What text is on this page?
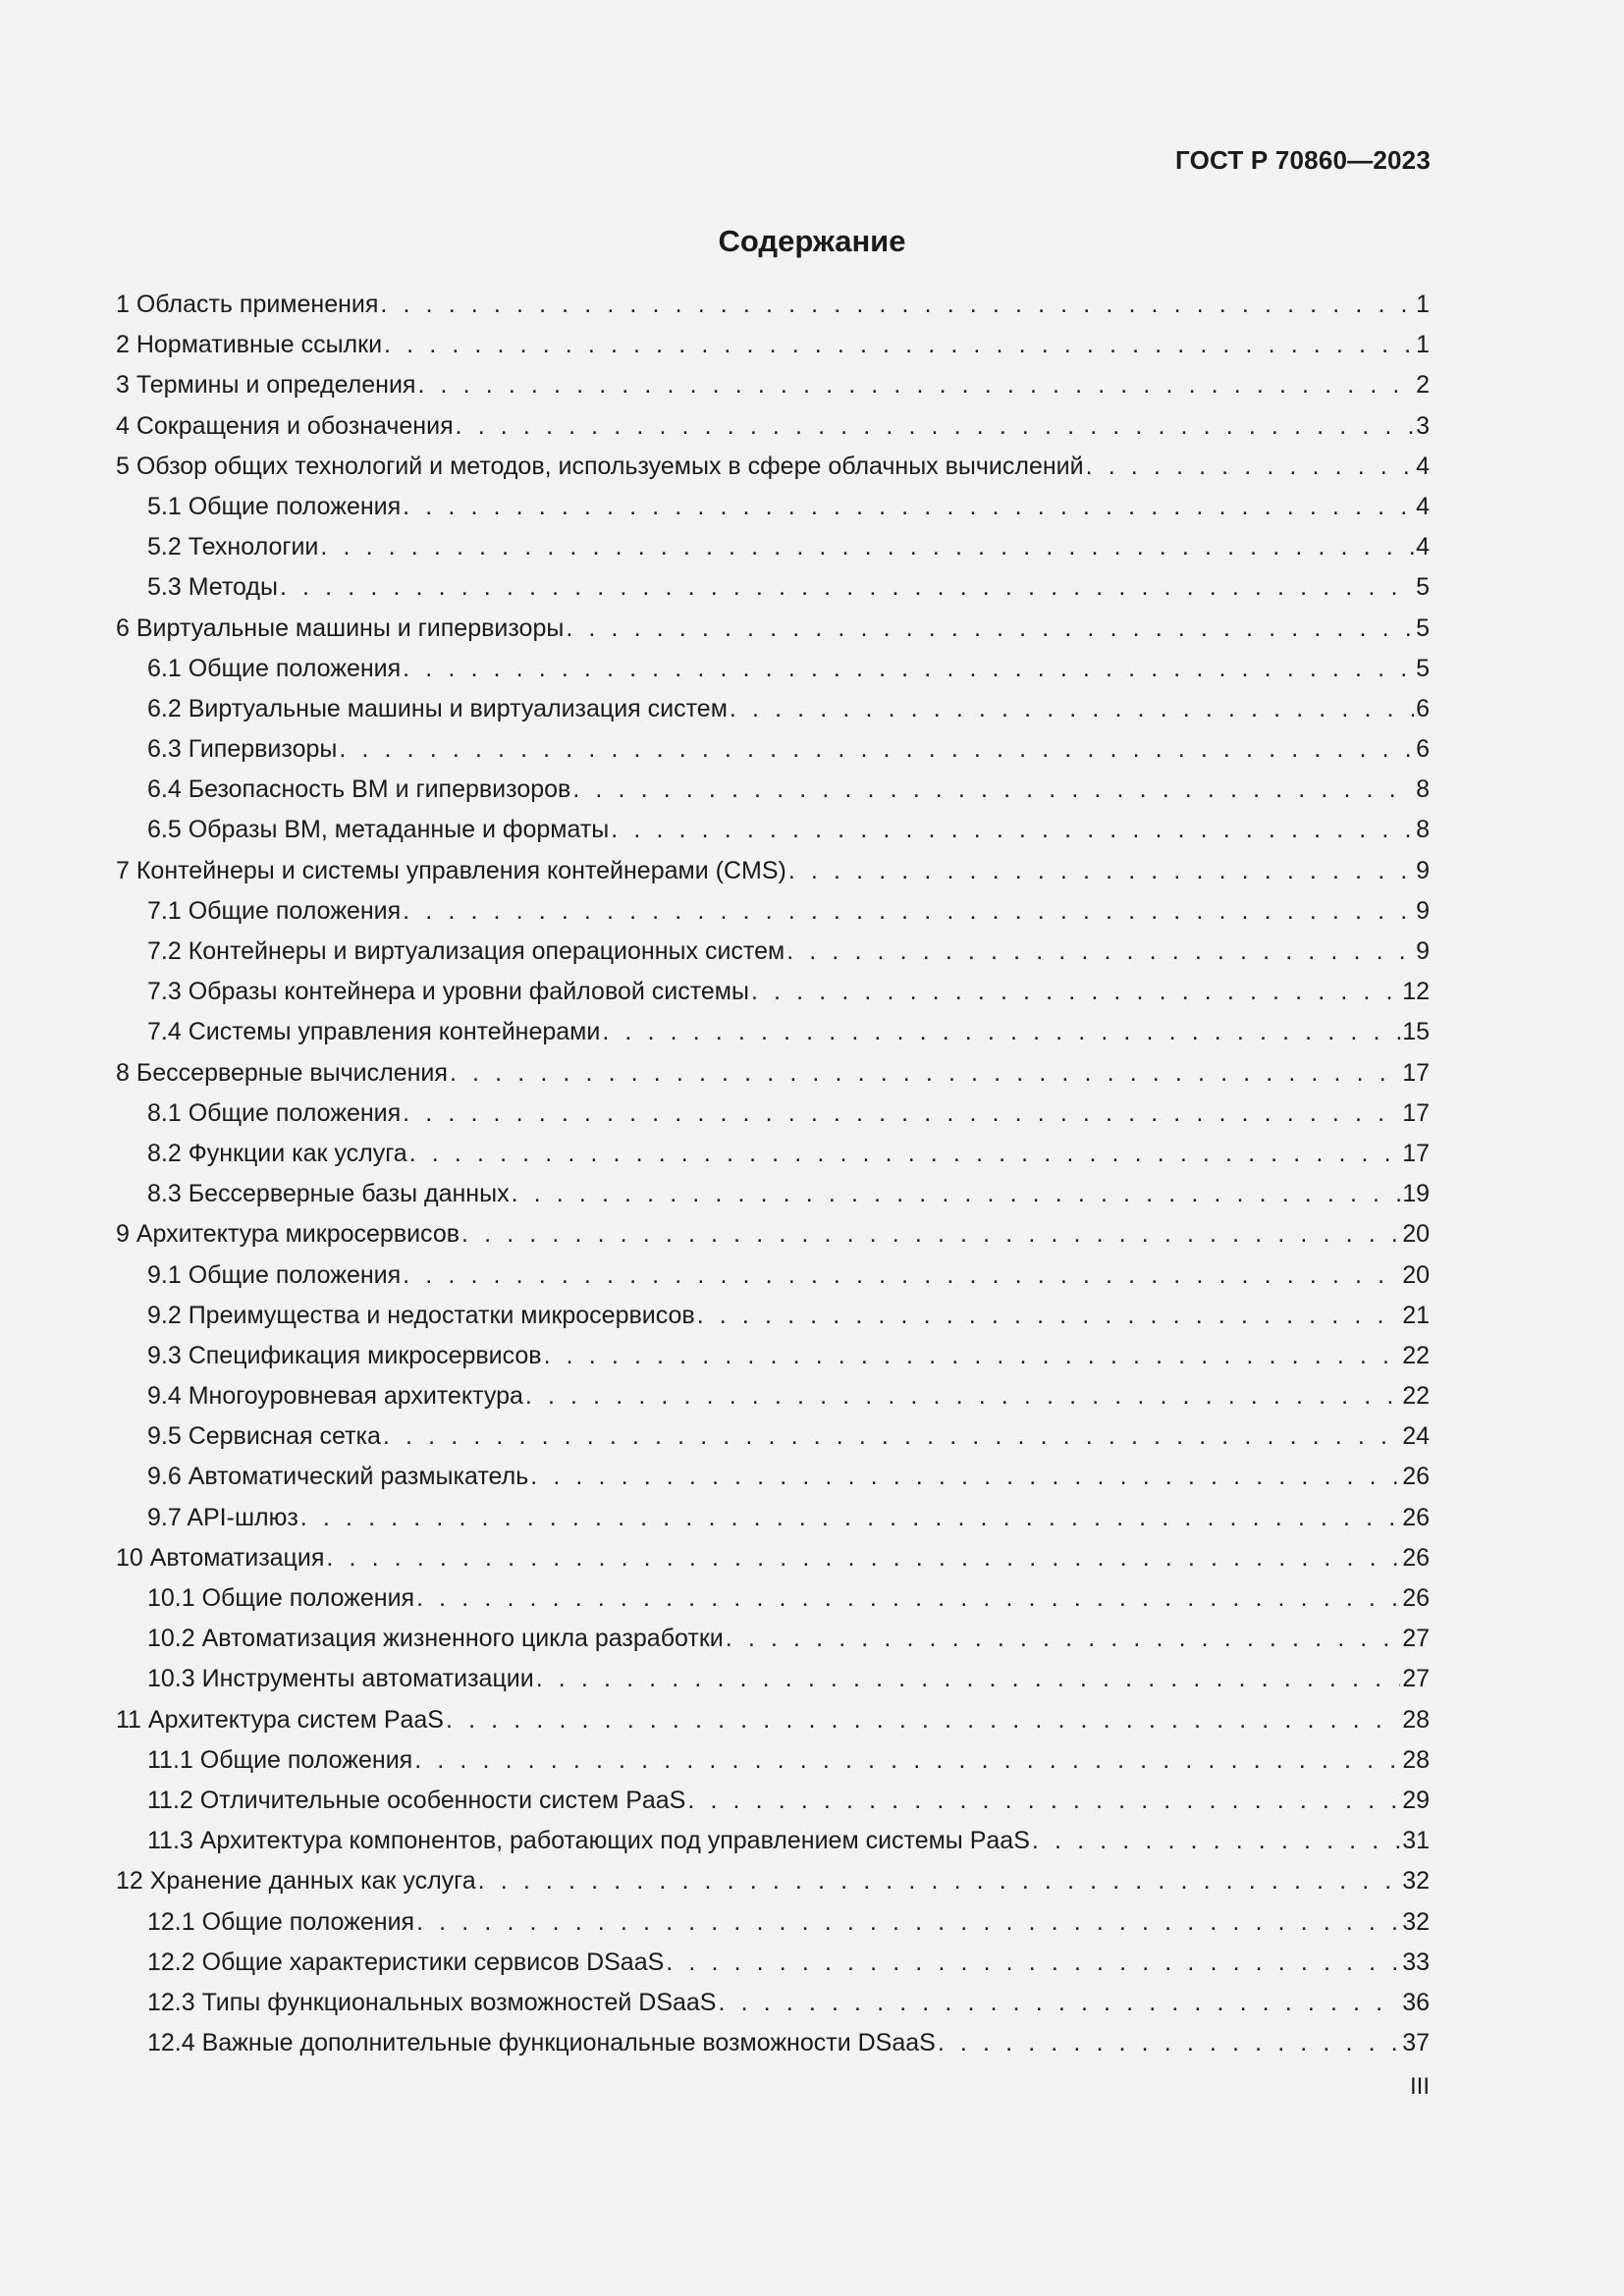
ГОСТ Р 70860—2023
Содержание
1 Область применения . . .	1
2 Нормативные ссылки . . .	1
3 Термины и определения . . .	2
4 Сокращения и обозначения . . .	3
5 Обзор общих технологий и методов, используемых в сфере облачных вычислений . . .	4
5.1 Общие положения . . .	4
5.2 Технологии . . .	4
5.3 Методы . . .	5
6 Виртуальные машины и гипервизоры . . .	5
6.1 Общие положения . . .	5
6.2 Виртуальные машины и виртуализация систем . . .	6
6.3 Гипервизоры . . .	6
6.4 Безопасность ВМ и гипервизоров . . .	8
6.5 Образы ВМ, метаданные и форматы . . .	8
7 Контейнеры и системы управления контейнерами (CMS) . . .	9
7.1 Общие положения . . .	9
7.2 Контейнеры и виртуализация операционных систем . . .	9
7.3 Образы контейнера и уровни файловой системы . . .	12
7.4 Системы управления контейнерами . . .	15
8 Бессерверные вычисления . . .	17
8.1 Общие положения . . .	17
8.2 Функции как услуга . . .	17
8.3 Бессерверные базы данных . . .	19
9 Архитектура микросервисов . . .	20
9.1 Общие положения . . .	20
9.2 Преимущества и недостатки микросервисов . . .	21
9.3 Спецификация микросервисов . . .	22
9.4 Многоуровневая архитектура . . .	22
9.5 Сервисная сетка . . .	24
9.6 Автоматический размыкатель . . .	26
9.7 API-шлюз . . .	26
10 Автоматизация . . .	26
10.1 Общие положения . . .	26
10.2 Автоматизация жизненного цикла разработки . . .	27
10.3 Инструменты автоматизации . . .	27
11 Архитектура систем PaaS . . .	28
11.1 Общие положения . . .	28
11.2 Отличительные особенности систем PaaS . . .	29
11.3 Архитектура компонентов, работающих под управлением системы PaaS . . .	31
12 Хранение данных как услуга . . .	32
12.1 Общие положения . . .	32
12.2 Общие характеристики сервисов DSaaS . . .	33
12.3 Типы функциональных возможностей DSaaS . . .	36
12.4 Важные дополнительные функциональные возможности DSaaS . . .	37
III
